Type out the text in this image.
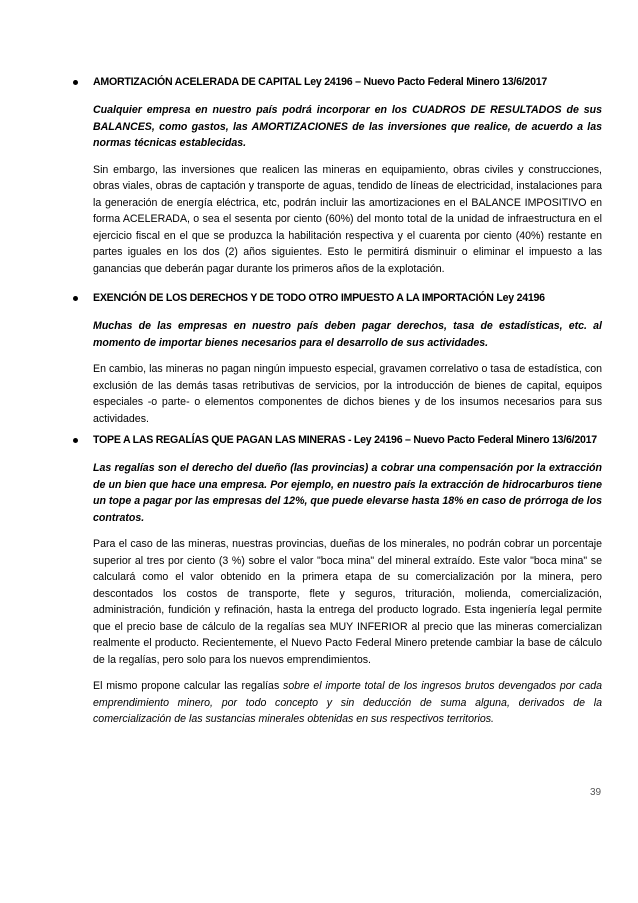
AMORTIZACIÓN ACELERADA DE CAPITAL Ley 24196 – Nuevo Pacto Federal Minero 13/6/2017
Cualquier empresa en nuestro país podrá incorporar en los CUADROS DE RESULTADOS de sus BALANCES, como gastos, las AMORTIZACIONES de las inversiones que realice, de acuerdo a las normas técnicas establecidas.
Sin embargo, las inversiones que realicen las mineras en equipamiento, obras civiles y construcciones, obras viales, obras de captación y transporte de aguas, tendido de líneas de electricidad, instalaciones para la generación de energía eléctrica, etc, podrán incluir las amortizaciones en el BALANCE IMPOSITIVO en forma ACELERADA, o sea el sesenta por ciento (60%) del monto total de la unidad de infraestructura en el ejercicio fiscal en el que se produzca la habilitación respectiva y el cuarenta por ciento (40%) restante en partes iguales en los dos (2) años siguientes. Esto le permitirá disminuir o eliminar el impuesto a las ganancias que deberán pagar durante los primeros años de la explotación.
EXENCIÓN DE LOS DERECHOS Y DE TODO OTRO IMPUESTO A LA IMPORTACIÓN Ley 24196
Muchas de las empresas en nuestro país deben pagar derechos, tasa de estadísticas, etc. al momento de importar bienes necesarios para el desarrollo de sus actividades.
En cambio, las mineras no pagan ningún impuesto especial, gravamen correlativo o tasa de estadística, con exclusión de las demás tasas retributivas de servicios, por la introducción de bienes de capital, equipos especiales -o parte- o elementos componentes de dichos bienes y de los insumos necesarios para sus actividades.
TOPE A LAS REGALÍAS QUE PAGAN LAS MINERAS - Ley 24196 – Nuevo Pacto Federal Minero 13/6/2017
Las regalías son el derecho del dueño (las provincias) a cobrar una compensación por la extracción de un bien que hace una empresa. Por ejemplo, en nuestro país la extracción de hidrocarburos tiene un tope a pagar por las empresas del 12%, que puede elevarse hasta 18% en caso de prórroga de los contratos.
Para el caso de las mineras, nuestras provincias, dueñas de los minerales, no podrán cobrar un porcentaje superior al tres por ciento (3 %) sobre el valor "boca mina" del mineral extraído. Este valor "boca mina" se calculará como el valor obtenido en la primera etapa de su comercialización por la minera, pero descontados los costos de transporte, flete y seguros, trituración, molienda, comercialización, administración, fundición y refinación, hasta la entrega del producto logrado. Esta ingeniería legal permite que el precio base de cálculo de la regalías sea MUY INFERIOR al precio que las mineras comercializan realmente el producto. Recientemente, el Nuevo Pacto Federal Minero pretende cambiar la base de cálculo de la regalías, pero solo para los nuevos emprendimientos.
El mismo propone calcular las regalías sobre el importe total de los ingresos brutos devengados por cada emprendimiento minero, por todo concepto y sin deducción de suma alguna, derivados de la comercialización de las sustancias minerales obtenidas en sus respectivos territorios.
39
